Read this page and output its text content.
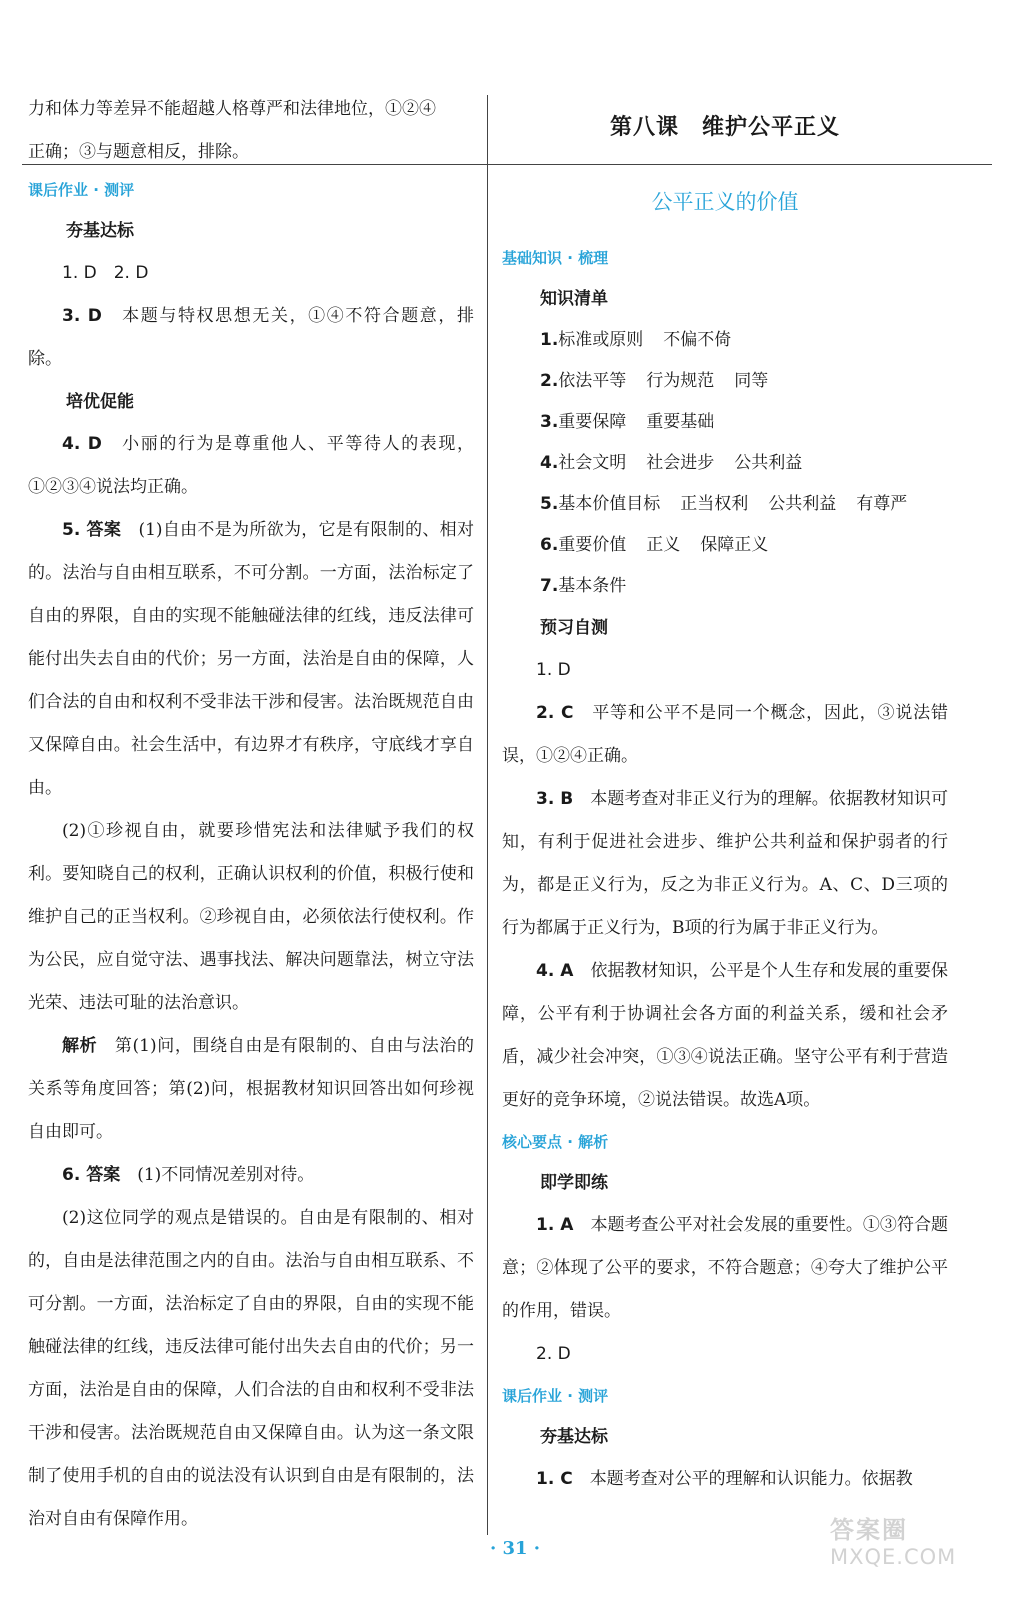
力和体力等差异不能超越人格尊严和法律地位，①②④

正确；③与题意相反，排除。

第八课　维护公平正义

课后作业 · 测评

夯基达标

1. D　2. D

3. D　 本题与特权思想无关，①④不符合题意，排除。

培优促能

4. D　 小丽的行为是尊重他人、平等待人的表现，①②③④说法均正确。

5. 答案　 (1)自由不是为所欲为，它是有限制的、相对的。法治与自由相互联系，不可分割。一方面，法治标定了自由的界限，自由的实现不能触碰法律的红线，违反法律可能付出失去自由的代价；另一方面，法治是自由的保障，人们合法的自由和权利不受非法干涉和侵害。法治既规范自由又保障自由。社会生活中，有边界才有秩序，守底线才享自由。

(2)①珍视自由，就要珍惜宪法和法律赋予我们的权利。要知晓自己的权利，正确认识权利的价值，积极行使和维护自己的正当权利。②珍视自由，必须依法行使权利。作为公民，应自觉守法、遇事找法、解决问题靠法，树立守法光荣、违法可耻的法治意识。

解析　 第(1)问，围绕自由是有限制的、自由与法治的关系等角度回答；第(2)问，根据教材知识回答出如何珍视自由即可。

6. 答案　 (1)不同情况差别对待。

(2)这位同学的观点是错误的。自由是有限制的、相对的，自由是法律范围之内的自由。法治与自由相互联系、不可分割。一方面，法治标定了自由的界限，自由的实现不能触碰法律的红线，违反法律可能付出失去自由的代价；另一方面，法治是自由的保障，人们合法的自由和权利不受非法干涉和侵害。法治既规范自由又保障自由。认为这一条文限制了使用手机的自由的说法没有认识到自由是有限制的，法治对自由有保障作用。

公平正义的价值

基础知识 · 梳理

知识清单

1.标准或原则 不偏不倚

2.依法平等 行为规范 同等

3.重要保障 重要基础

4.社会文明 社会进步 公共利益

5.基本价值目标 正当权利 公共利益 有尊严

6.重要价值 正义 保障正义

7.基本条件

预习自测

1. D

2. C　 平等和公平不是同一个概念，因此，③说法错误，①②④正确。

3. B　 本题考查对非正义行为的理解。依据教材知识可知，有利于促进社会进步、维护公共利益和保护弱者的行为，都是正义行为，反之为非正义行为。A、C、D三项的行为都属于正义行为，B项的行为属于非正义行为。

4. A　 依据教材知识，公平是个人生存和发展的重要保障，公平有利于协调社会各方面的利益关系，缓和社会矛盾，减少社会冲突，①③④说法正确。坚守公平有利于营造更好的竞争环境，②说法错误。故选A项。

核心要点 · 解析

即学即练

1. A　 本题考查公平对社会发展的重要性。①③符合题意；②体现了公平的要求，不符合题意；④夸大了维护公平的作用，错误。

2. D

课后作业 · 测评

夯基达标

1. C　 本题考查对公平的理解和认识能力。依据教

· 31 ·
答案圈
MXQE.COM
